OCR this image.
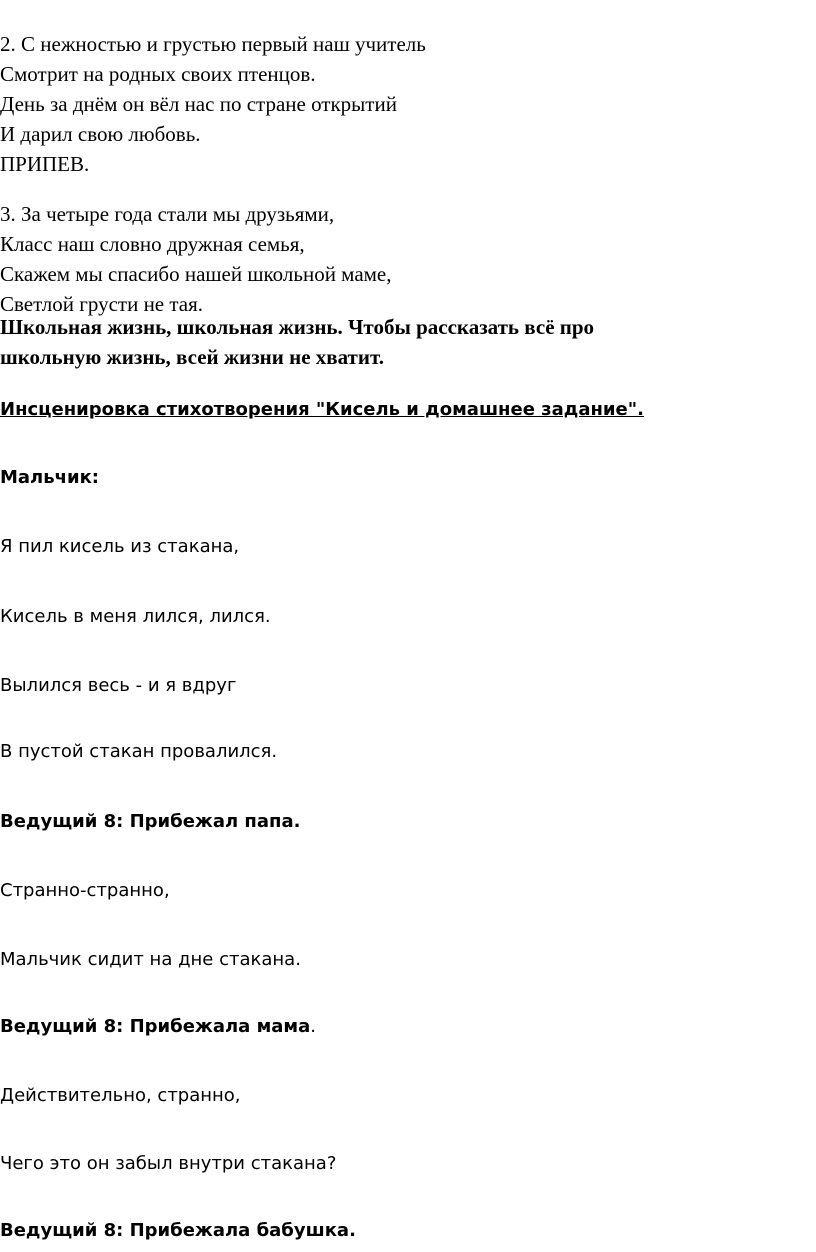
2. С нежностью и грустью первый наш учитель
Смотрит на родных своих птенцов.
День за днём он вёл нас по стране открытий
И дарил свою любовь.
ПРИПЕВ.
3. За четыре года стали мы друзьями,
Класс наш словно дружная семья,
Скажем мы спасибо нашей школьной маме,
Светлой грусти не тая.
Школьная жизнь, школьная жизнь. Чтобы рассказать всё про
школьную жизнь, всей жизни не хватит.

Инсценировка стихотворения "Кисель и домашнее задание".

Мальчик:

Я пил кисель из стакана,

Кисель в меня лился, лился.

Вылился весь - и я вдруг

В пустой стакан провалился.

Ведущий 8: Прибежал папа.

Странно-странно,

Мальчик сидит на дне стакана.

Ведущий 8: Прибежала мама.

Действительно, странно,

Чего это он забыл внутри стакана?

Ведущий 8: Прибежала бабушка.
